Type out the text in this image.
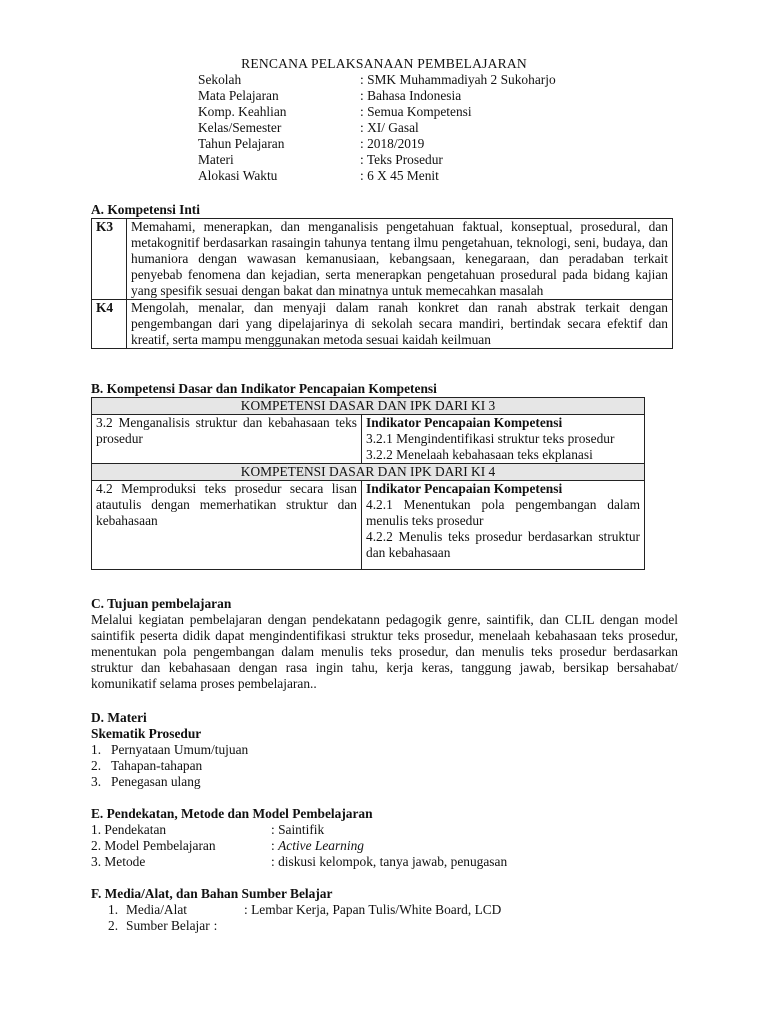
RENCANA PELAKSANAAN PEMBELAJARAN
Sekolah	: SMK Muhammadiyah 2 Sukoharjo
Mata Pelajaran	: Bahasa Indonesia
Komp. Keahlian	: Semua Kompetensi
Kelas/Semester	: XI/ Gasal
Tahun Pelajaran	: 2018/2019
Materi	: Teks Prosedur
Alokasi Waktu	: 6 X 45 Menit
A. Kompetensi Inti
K3	Memahami, menerapkan, dan menganalisis pengetahuan faktual, konseptual, prosedural, dan metakognitif berdasarkan rasaingin tahunya tentang ilmu pengetahuan, teknologi, seni, budaya, dan humaniora dengan wawasan kemanusiaan, kebangsaan, kenegaraan, dan peradaban terkait penyebab fenomena dan kejadian, serta menerapkan pengetahuan prosedural pada bidang kajian yang spesifik sesuai dengan bakat dan minatnya untuk memecahkan masalah
K4	Mengolah, menalar, dan menyaji dalam ranah konkret dan ranah abstrak terkait dengan pengembangan dari yang dipelajarinya di sekolah secara mandiri, bertindak secara efektif dan kreatif, serta mampu menggunakan metoda sesuai kaidah keilmuan
B. Kompetensi Dasar dan Indikator Pencapaian Kompetensi
KOMPETENSI DASAR DAN IPK DARI KI 3	
3.2 Menganalisis struktur dan kebahasaan teks prosedur	Indikator Pencapaian Kompetensi
3.2.1 Mengindentifikasi struktur teks prosedur
3.2.2 Menelaah kebahasaan teks ekplanasi

KOMPETENSI DASAR DAN IPK DARI KI 4	
4.2 Memproduksi teks prosedur secara lisan atautulis dengan memerhatikan struktur dan kebahasaan	Indikator Pencapaian Kompetensi
4.2.1 Menentukan pola pengembangan dalam menulis teks prosedur
4.2.2 Menulis teks prosedur berdasarkan struktur dan kebahasaan
C. Tujuan pembelajaran
Melalui kegiatan pembelajaran dengan pendekatann pedagogik genre, saintifik, dan CLIL dengan model saintifik peserta didik dapat mengindentifikasi struktur teks prosedur, menelaah kebahasaan teks prosedur, menentukan pola pengembangan dalam menulis teks prosedur, dan menulis teks prosedur berdasarkan struktur dan kebahasaan dengan rasa ingin tahu, kerja keras, tanggung jawab, bersikap bersahabat/ komunikatif selama proses pembelajaran..
D. Materi
Skematik Prosedur
1. Pernyataan Umum/tujuan
2. Tahapan-tahapan
3. Penegasan ulang
E. Pendekatan, Metode dan Model Pembelajaran
1. Pendekatan	: Saintifik
2. Model Pembelajaran	: Active Learning
3. Metode	: diskusi kelompok, tanya jawab, penugasan
F. Media/Alat, dan Bahan Sumber Belajar
1. Media/Alat	: Lembar Kerja, Papan Tulis/White Board, LCD
2. Sumber Belajar :
